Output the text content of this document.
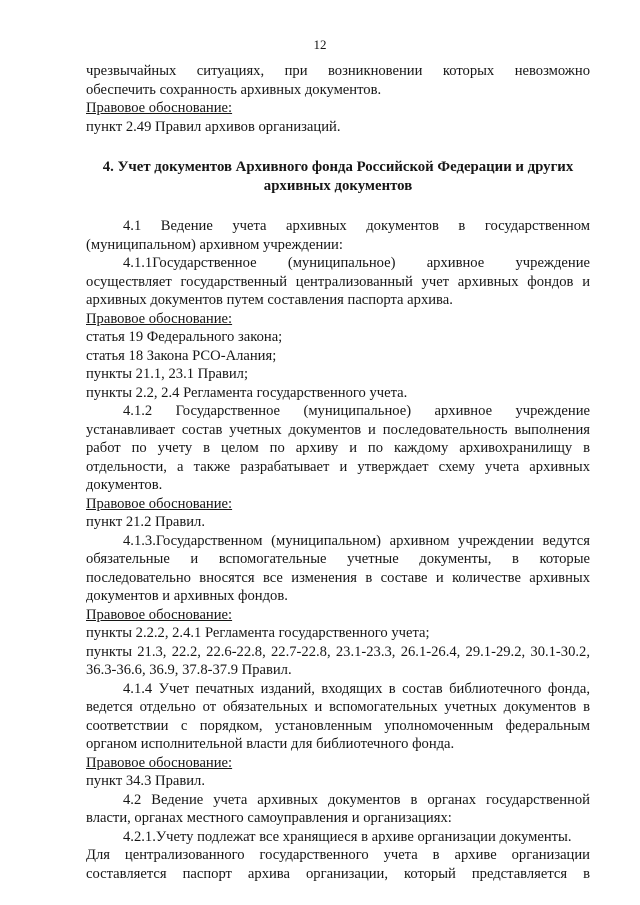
12

чрезвычайных ситуациях, при возникновении которых невозможно

обеспечить сохранность архивных документов.

Правовое обоснование:

пункт 2.49 Правил архивов организаций.

4. Учет документов Архивного фонда Российской Федерации и других архивных документов

4.1 Ведение учета архивных документов в государственном

(муниципальном) архивном учреждении:

4.1.1Государственное (муниципальное) архивное учреждение

осуществляет государственный централизованный учет архивных фондов и архивных документов путем составления паспорта архива.

Правовое обоснование:

статья 19 Федерального закона;

статья 18 Закона РСО-Алания;

пункты 21.1, 23.1 Правил;

пункты 2.2, 2.4 Регламента государственного учета.

4.1.2 Государственное (муниципальное) архивное учреждение

устанавливает состав учетных документов и последовательность выполнения работ по учету в целом по архиву и по каждому архивохранилищу в отдельности, а также разрабатывает и утверждает схему учета архивных документов.

Правовое обоснование:

пункт 21.2 Правил.

4.1.3.Государственном (муниципальном) архивном учреждении ведутся обязательные и вспомогательные учетные документы, в которые последовательно вносятся все изменения в составе и количестве архивных документов и архивных фондов.

Правовое обоснование:

пункты 2.2.2, 2.4.1 Регламента государственного учета;

пункты 21.3, 22.2, 22.6-22.8, 22.7-22.8, 23.1-23.3, 26.1-26.4, 29.1-29.2, 30.1-30.2, 36.3-36.6, 36.9, 37.8-37.9 Правил.

4.1.4 Учет печатных изданий, входящих в состав библиотечного фонда, ведется отдельно от обязательных и вспомогательных учетных документов в соответствии с порядком, установленным уполномоченным федеральным органом исполнительной власти для библиотечного фонда.

Правовое обоснование:

пункт 34.3 Правил.

4.2 Ведение учета архивных документов в органах государственной власти, органах местного самоуправления и организациях:

4.2.1.Учету подлежат все хранящиеся в архиве организации документы.

Для централизованного государственного учета в архиве организации составляется паспорт архива организации, который представляется в
